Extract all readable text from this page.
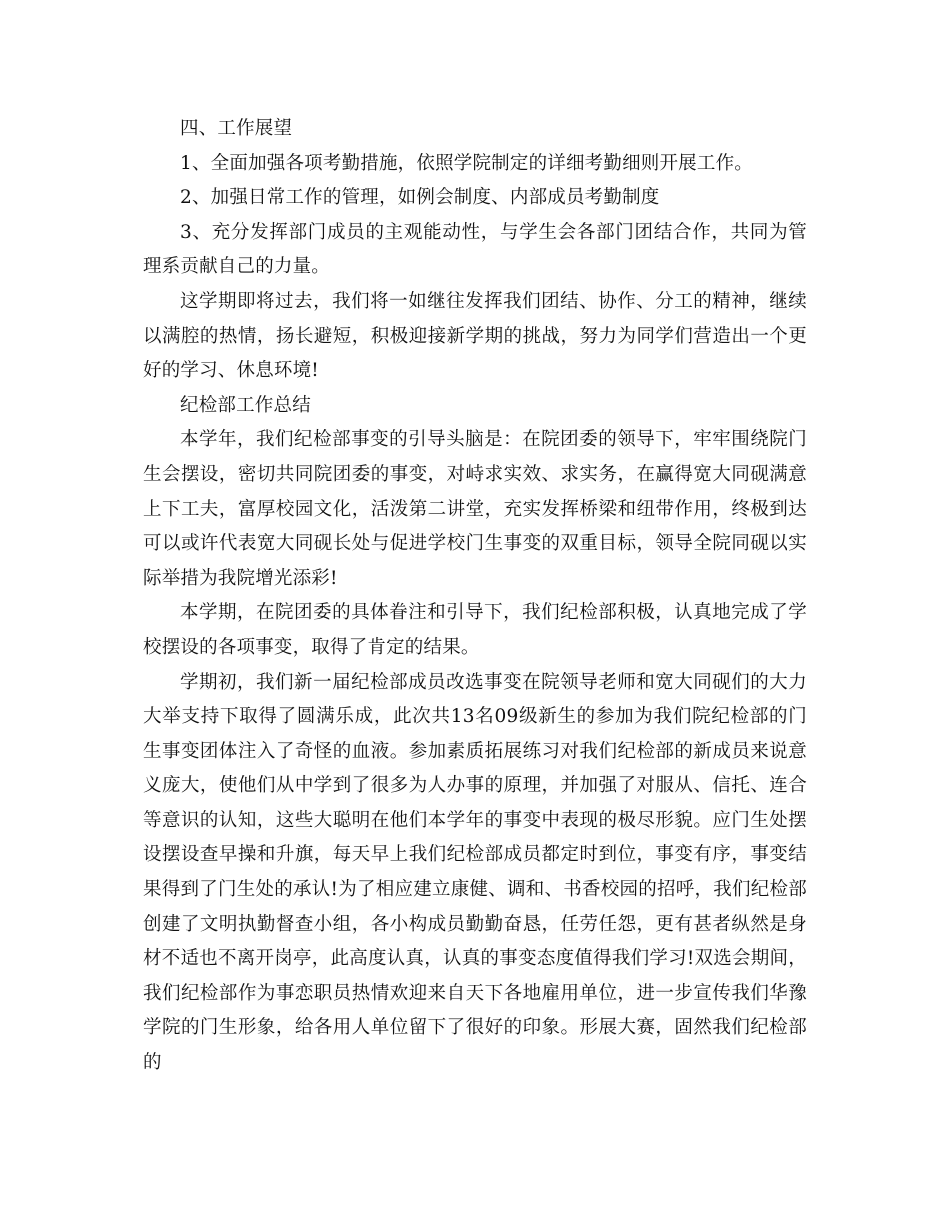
四、工作展望

1、全面加强各项考勤措施，依照学院制定的详细考勤细则开展工作。

2、加强日常工作的管理，如例会制度、内部成员考勤制度

3、充分发挥部门成员的主观能动性，与学生会各部门团结合作，共同为管理系贡献自己的力量。

这学期即将过去，我们将一如继往发挥我们团结、协作、分工的精神，继续以满腔的热情，扬长避短，积极迎接新学期的挑战，努力为同学们营造出一个更好的学习、休息环境!

纪检部工作总结

本学年，我们纪检部事变的引导头脑是：在院团委的领导下，牢牢围绕院门生会摆设，密切共同院团委的事变，对峙求实效、求实务，在赢得宽大同砚满意上下工夫，富厚校园文化，活泼第二讲堂，充实发挥桥梁和纽带作用，终极到达可以或许代表宽大同砚长处与促进学校门生事变的双重目标，领导全院同砚以实际举措为我院增光添彩!

本学期，在院团委的具体眷注和引导下，我们纪检部积极，认真地完成了学校摆设的各项事变，取得了肯定的结果。

学期初，我们新一届纪检部成员改选事变在院领导老师和宽大同砚们的大力大举支持下取得了圆满乐成，此次共13名09级新生的参加为我们院纪检部的门生事变团体注入了奇怪的血液。参加素质拓展练习对我们纪检部的新成员来说意义庞大，使他们从中学到了很多为人办事的原理，并加强了对服从、信托、连合等意识的认知，这些大聪明在他们本学年的事变中表现的极尽形貌。应门生处摆设摆设查早操和升旗，每天早上我们纪检部成员都定时到位，事变有序，事变结果得到了门生处的承认!为了相应建立康健、调和、书香校园的招呼，我们纪检部创建了文明执勤督查小组，各小构成员勤勤奋恳，任劳任怨，更有甚者纵然是身材不适也不离开岗亭，此高度认真，认真的事变态度值得我们学习!双选会期间，我们纪检部作为事恋职员热情欢迎来自天下各地雇用单位，进一步宣传我们华豫学院的门生形象，给各用人单位留下了很好的印象。形展大赛，固然我们纪检部的
